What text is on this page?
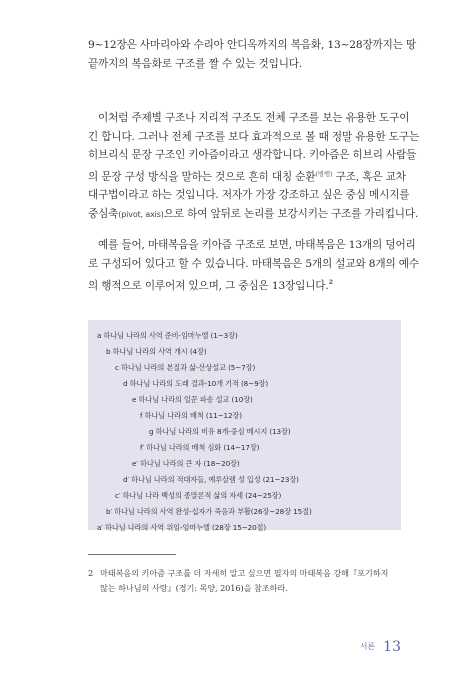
9~12장은 사마리아와 수리아 안디옥까지의 복음화, 13~28장까지는 땅
끝까지의 복음화로 구조를 짤 수 있는 것입니다.

이처럼 주제별 구조나 지리적 구조도 전체 구조를 보는 유용한 도구이
긴 합니다. 그러나 전체 구조를 보다 효과적으로 볼 때 정말 유용한 도구는
히브리식 문장 구조인 키아즘이라고 생각합니다. 키아즘은 히브리 사람들
의 문장 구성 방식을 말하는 것으로 흔히 대칭 순환$^{(병행)}$ 구조, 혹은 교차
대구법이라고 하는 것입니다. 저자가 가장 강조하고 싶은 중심 메시지를
중심축(pivot, axis)으로 하여 앞뒤로 논리를 보강시키는 구조를 가리킵니다.

예를 들어, 마태복음을 키아즘 구조로 보면, 마태복음은 13개의 덩어리
로 구성되어 있다고 할 수 있습니다. 마태복음은 5개의 설교와 8개의 예수
의 행적으로 이루어져 있으며, 그 중심은 13장입니다.$^2$

a 하나님 나라의 사역 준비-임마누엘 (1~3장)
b 하나님 나라의 사역 개시 (4장)
c 하나님 나라의 본질과 삶-산상설교 (5~7장)
d 하나님 나라의 도래 결과-10개 기적 (8~9장)
e 하나님 나라의 일꾼 파송 설교 (10장)
f 하나님 나라의 배척 (11~12장)
g 하나님 나라의 비유 8개-중심 메시지 (13장)
f′ 하나님 나라의 배척 심화 (14~17장)
e′ 하나님 나라의 큰 자 (18~20장)
d′ 하나님 나라의 적대자들, 예루살렘 성 입성 (21~23장)
c′ 하나님 나라 백성의 종말론적 삶의 자세 (24~25장)
b′ 하나님 나라의 사역 완성-십자가 죽음과 부활(26장~28장 15절)
a′ 하나님 나라의 사역 위임-임마누엘 (28장 15~20절)
2 마태복음의 키아즘 구조를 더 자세히 알고 싶으면 필자의 마태복음 강해『포기하지
않는 하나님의 사랑』(경기: 목양, 2016)을 참조하라.
서론 13
